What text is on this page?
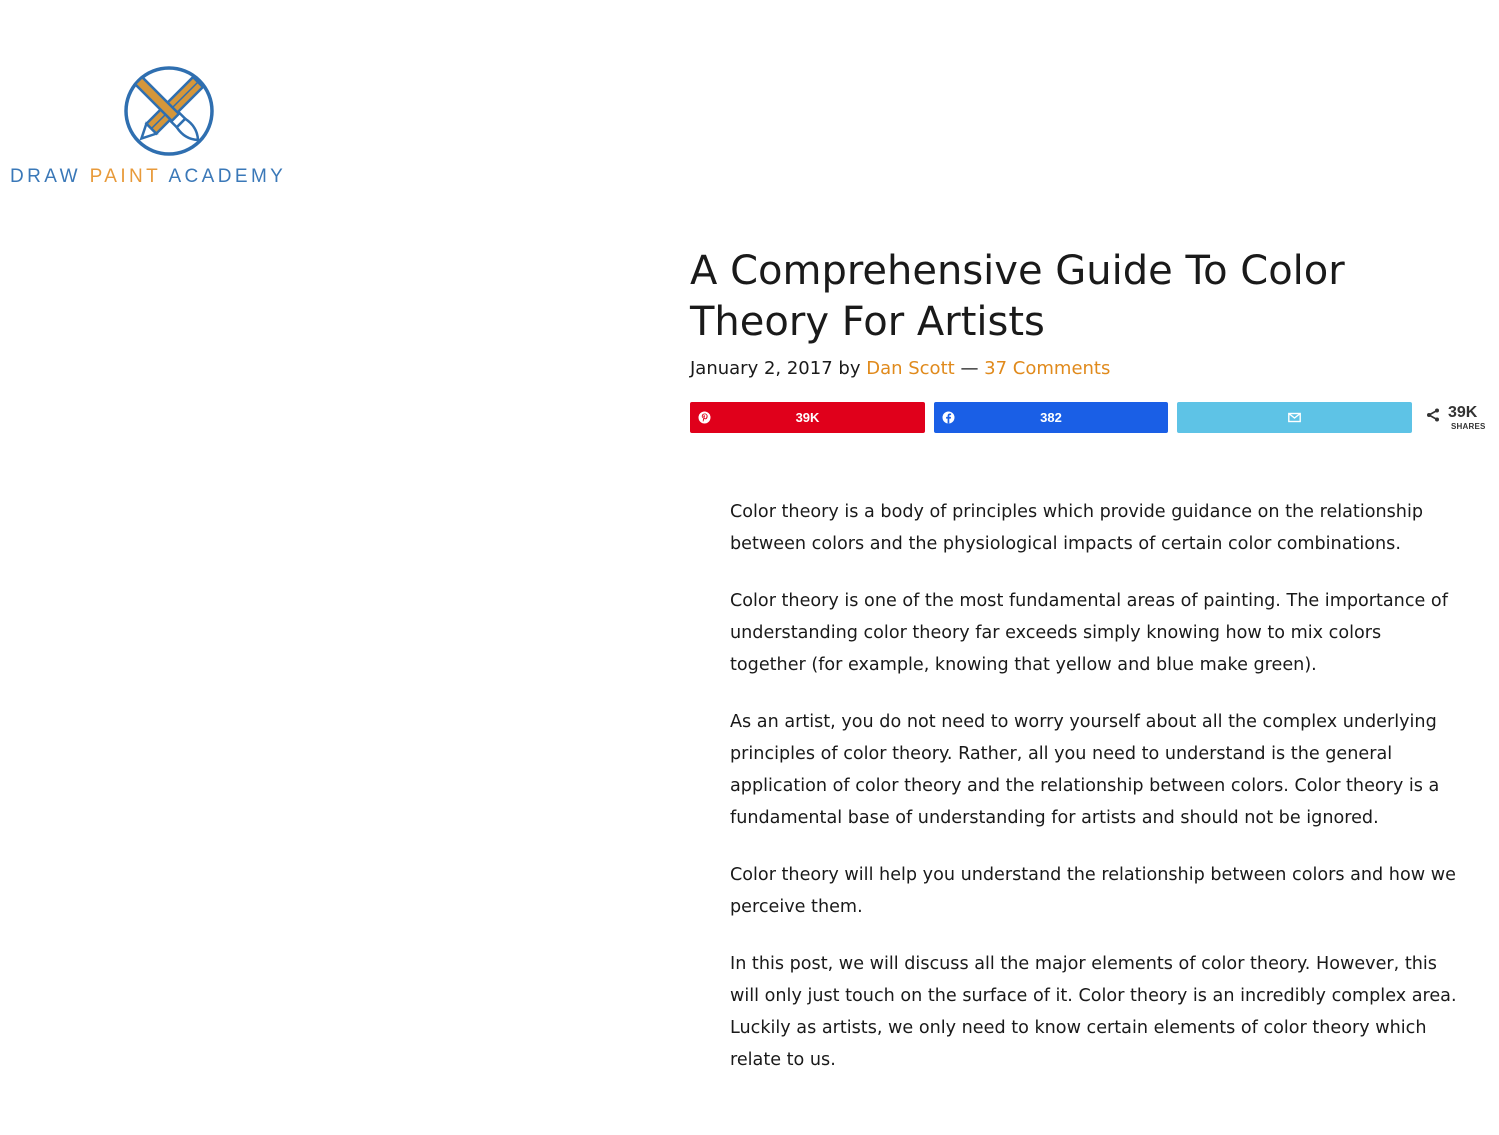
DRAW PAINT ACADEMY
A Comprehensive Guide To Color Theory For Artists
January 2, 2017 by Dan Scott — 37 Comments
39K	382	39K
SHARES

Color theory is a body of principles which provide guidance on the relationship between colors and the physiological impacts of certain color combinations.

Color theory is one of the most fundamental areas of painting. The importance of understanding color theory far exceeds simply knowing how to mix colors together (for example, knowing that yellow and blue make green).

As an artist, you do not need to worry yourself about all the complex underlying principles of color theory. Rather, all you need to understand is the general application of color theory and the relationship between colors. Color theory is a fundamental base of understanding for artists and should not be ignored.

Color theory will help you understand the relationship between colors and how we perceive them.

In this post, we will discuss all the major elements of color theory. However, this will only just touch on the surface of it. Color theory is an incredibly complex area. Luckily as artists, we only need to know certain elements of color theory which relate to us.
